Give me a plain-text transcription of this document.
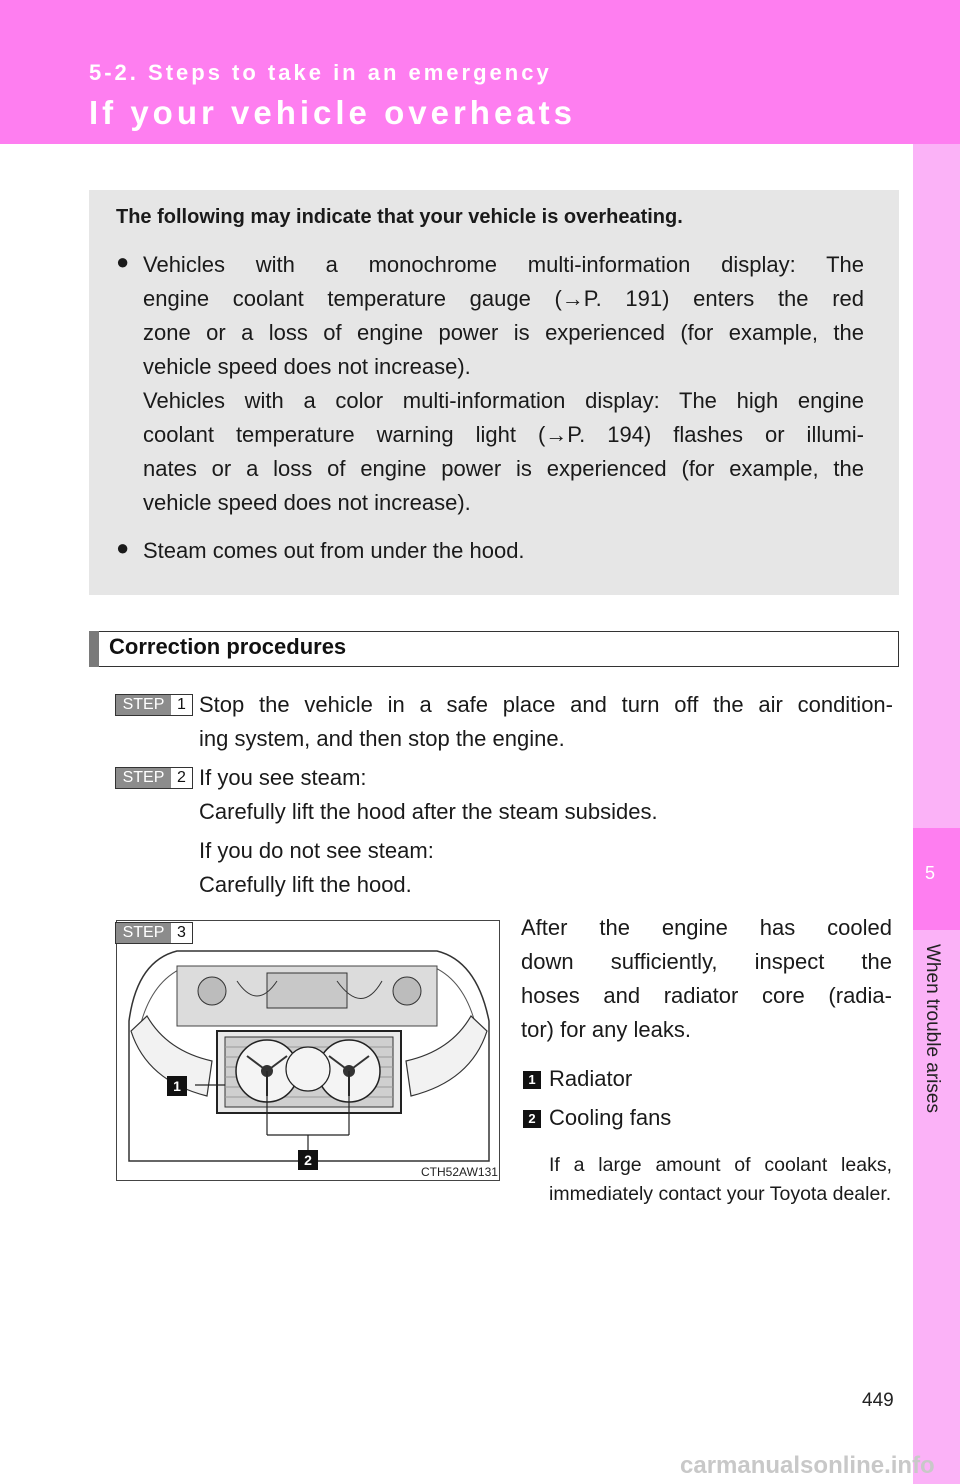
5-2. Steps to take in an emergency
If your vehicle overheats
5
When trouble arises
The following may indicate that your vehicle is overheating.
● Vehicles with a monochrome multi-information display: The
engine coolant temperature gauge (→P. 191) enters the red
zone or a loss of engine power is experienced (for example, the
vehicle speed does not increase).
Vehicles with a color multi-information display: The high engine
coolant temperature warning light (→P. 194) flashes or illumi-
nates or a loss of engine power is experienced (for example, the
vehicle speed does not increase).
● Steam comes out from under the hood.
Correction procedures
STEP 1 Stop the vehicle in a safe place and turn off the air condition-
ing system, and then stop the engine.
STEP 2 If you see steam:
Carefully lift the hood after the steam subsides.
If you do not see steam:
Carefully lift the hood.
1
2
CTH52AW131
STEP 3	After the engine has cooled
down sufficiently, inspect the
hoses and radiator core (radia-
tor) for any leaks.
1 Radiator
2 Cooling fans
If a large amount of coolant leaks, immediately contact your Toyota dealer.
449
carmanualsonline.info
